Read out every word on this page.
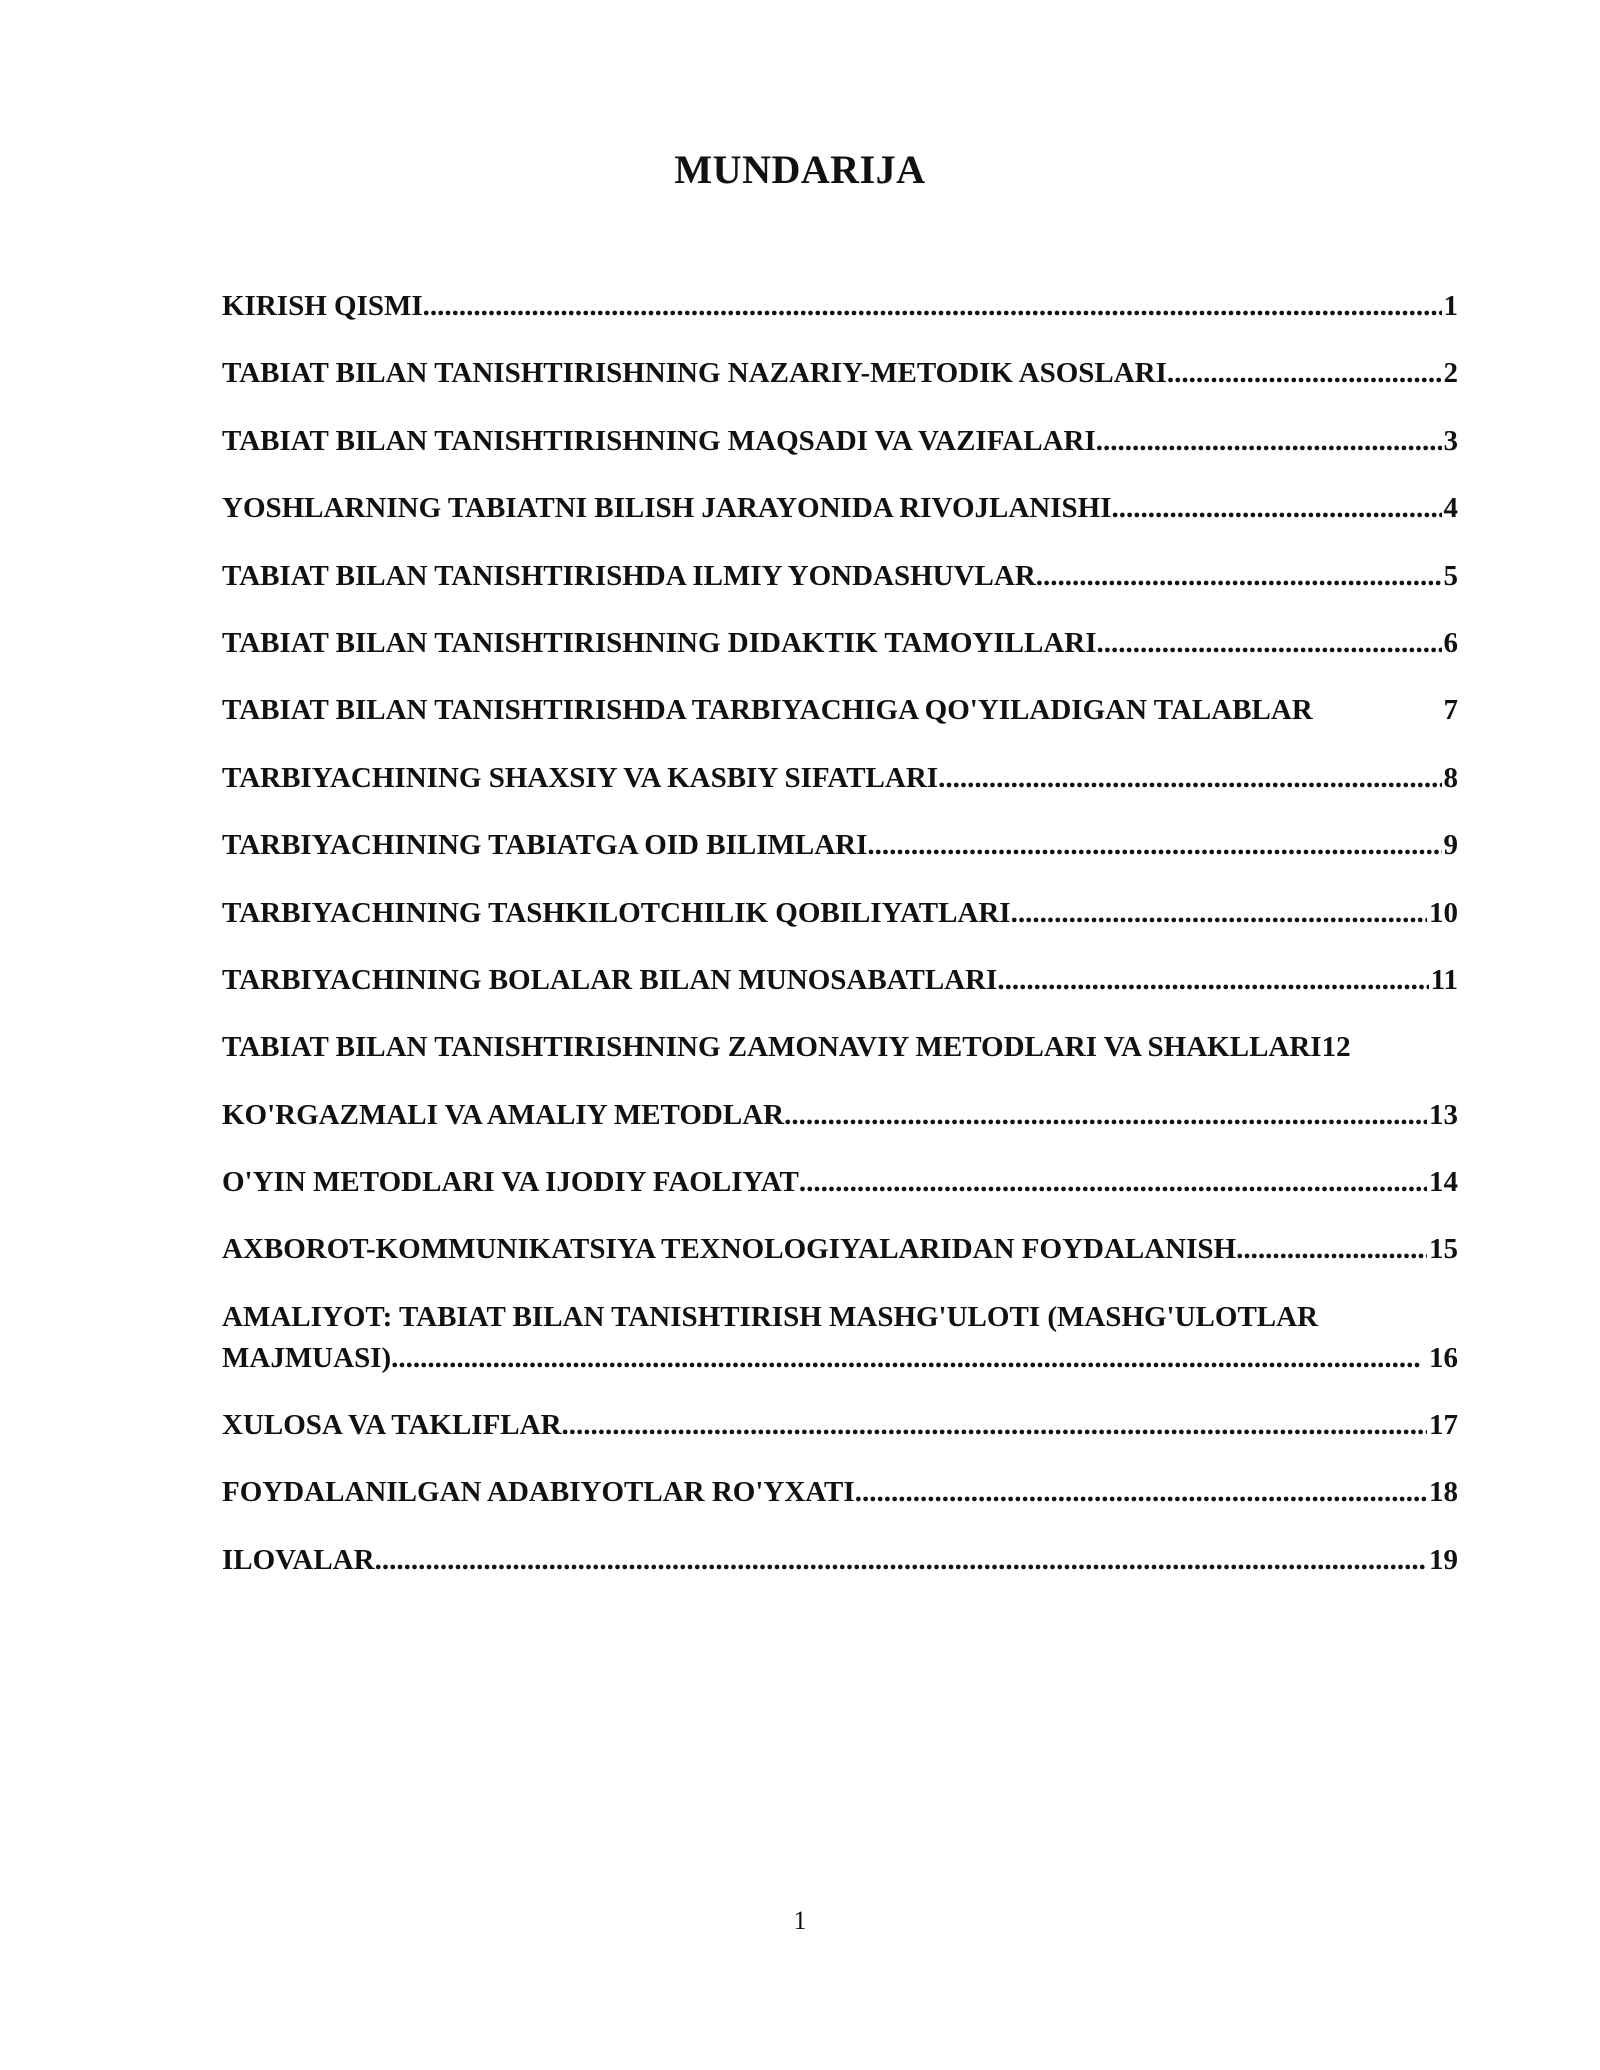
MUNDARIJA
KIRISH QISMI .....	1
TABIAT BILAN TANISHTIRISHNING NAZARIY-METODIK ASOSLARI .....	2
TABIAT BILAN TANISHTIRISHNING MAQSADI VA VAZIFALARI .....	3
YOSHLARNING TABIATNI BILISH JARAYONIDA RIVOJLANISHI .....	4
TABIAT BILAN TANISHTIRISHDA ILMIY YONDASHUVLAR .....	5
TABIAT BILAN TANISHTIRISHNING DIDAKTIK TAMOYILLARI .....	6
TABIAT BILAN TANISHTIRISHDA TARBIYACHIGA QO'YILADIGAN TALABLAR	7
TARBIYACHINING SHAXSIY VA KASBIY SIFATLARI .....	8
TARBIYACHINING TABIATGA OID BILIMLARI .....	9
TARBIYACHINING TASHKILOTCHILIK QOBILIYATLARI .....	10
TARBIYACHINING BOLALAR BILAN MUNOSABATLARI .....	11
TABIAT BILAN TANISHTIRISHNING ZAMONAVIY METODLARI VA SHAKLLARI 12
KO'RGAZMALI VA AMALIY METODLAR .....	13
O'YIN METODLARI VA IJODIY FAOLIYAT .....	14
AXBOROT-KOMMUNIKATSIYA TEXNOLOGIYALARIDAN FOYDALANISH .....	15
AMALIYOT: TABIAT BILAN TANISHTIRISH MASHG'ULOTI (MASHG'ULOTLAR
MAJMUASI) .....	16
XULOSA VA TAKLIFLAR .....	17
FOYDALANILGAN ADABIYOTLAR RO'YXATI .....	18
ILOVALAR .....	19
1
